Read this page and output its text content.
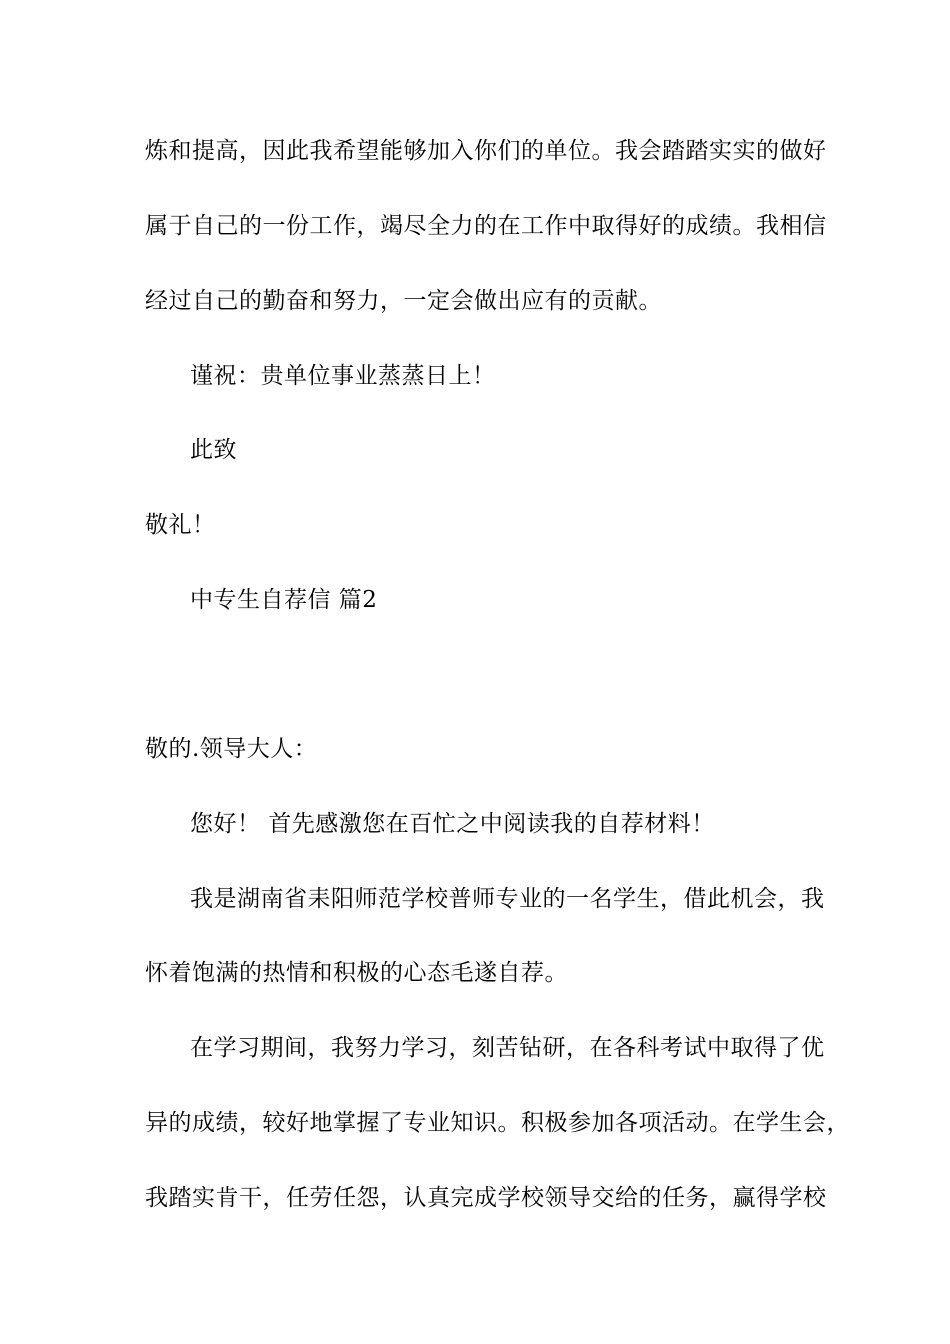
炼和提高，因此我希望能够加入你们的单位。我会踏踏实实的做好
属于自己的一份工作，竭尽全力的在工作中取得好的成绩。我相信
经过自己的勤奋和努力，一定会做出应有的贡献。
谨祝：贵单位事业蒸蒸日上！
此致
敬礼！
中专生自荐信 篇2
敬的.领导大人：
您好！ 首先感激您在百忙之中阅读我的自荐材料！
我是湖南省耒阳师范学校普师专业的一名学生，借此机会，我
怀着饱满的热情和积极的心态毛遂自荐。
在学习期间，我努力学习，刻苦钻研，在各科考试中取得了优
异的成绩，较好地掌握了专业知识。积极参加各项活动。在学生会，
我踏实肯干，任劳任怨，认真完成学校领导交给的任务，赢得学校
